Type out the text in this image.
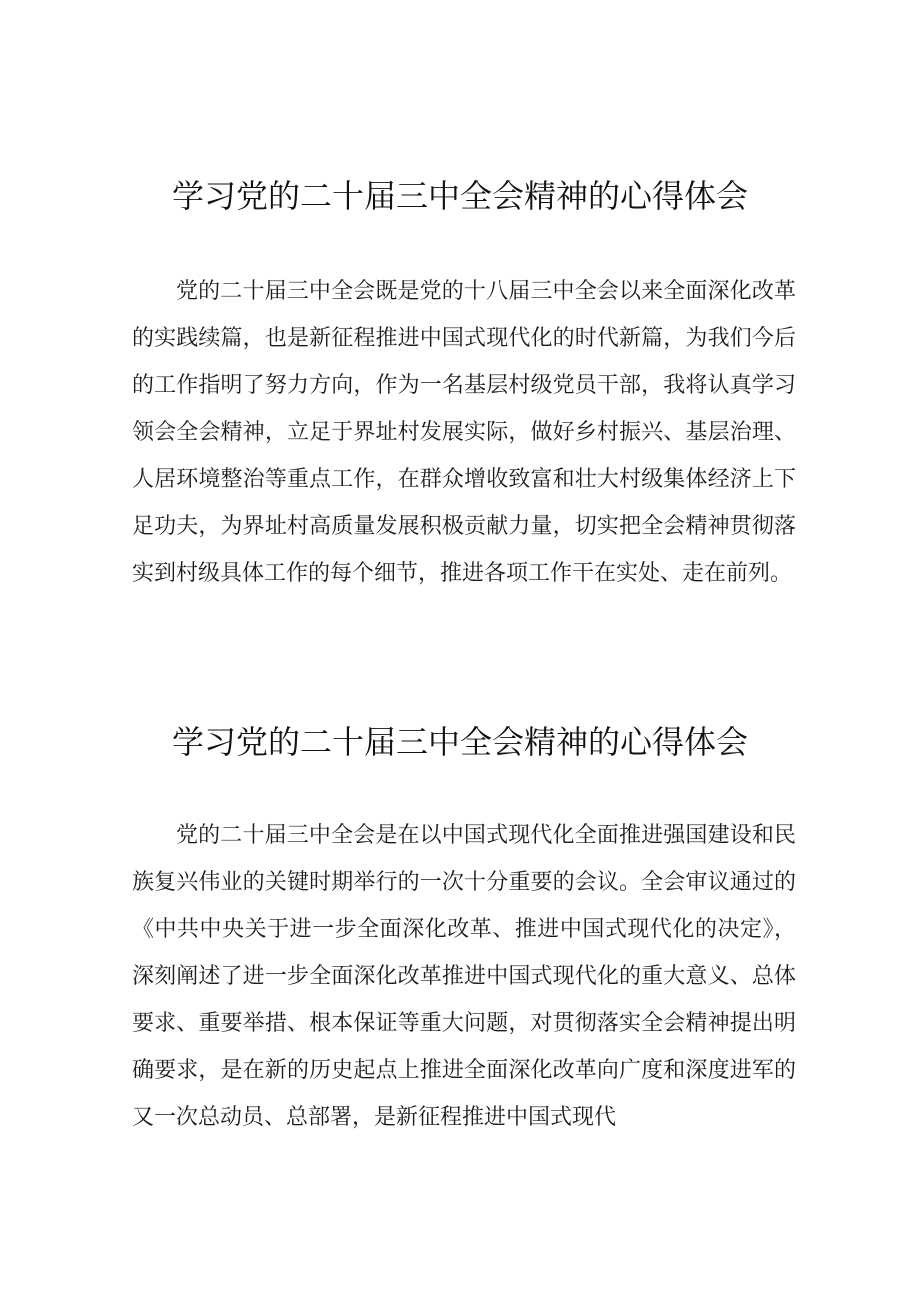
学习党的二十届三中全会精神的心得体会

党的二十届三中全会既是党的十八届三中全会以来全面深化改革的实践续篇，也是新征程推进中国式现代化的时代新篇，为我们今后的工作指明了努力方向，作为一名基层村级党员干部，我将认真学习领会全会精神，立足于界址村发展实际，做好乡村振兴、基层治理、人居环境整治等重点工作，在群众增收致富和壮大村级集体经济上下足功夫，为界址村高质量发展积极贡献力量，切实把全会精神贯彻落实到村级具体工作的每个细节，推进各项工作干在实处、走在前列。

学习党的二十届三中全会精神的心得体会

党的二十届三中全会是在以中国式现代化全面推进强国建设和民族复兴伟业的关键时期举行的一次十分重要的会议。全会审议通过的《中共中央关于进一步全面深化改革、推进中国式现代化的决定》，深刻阐述了进一步全面深化改革推进中国式现代化的重大意义、总体要求、重要举措、根本保证等重大问题，对贯彻落实全会精神提出明确要求，是在新的历史起点上推进全面深化改革向广度和深度进军的又一次总动员、总部署，是新征程推进中国式现代
